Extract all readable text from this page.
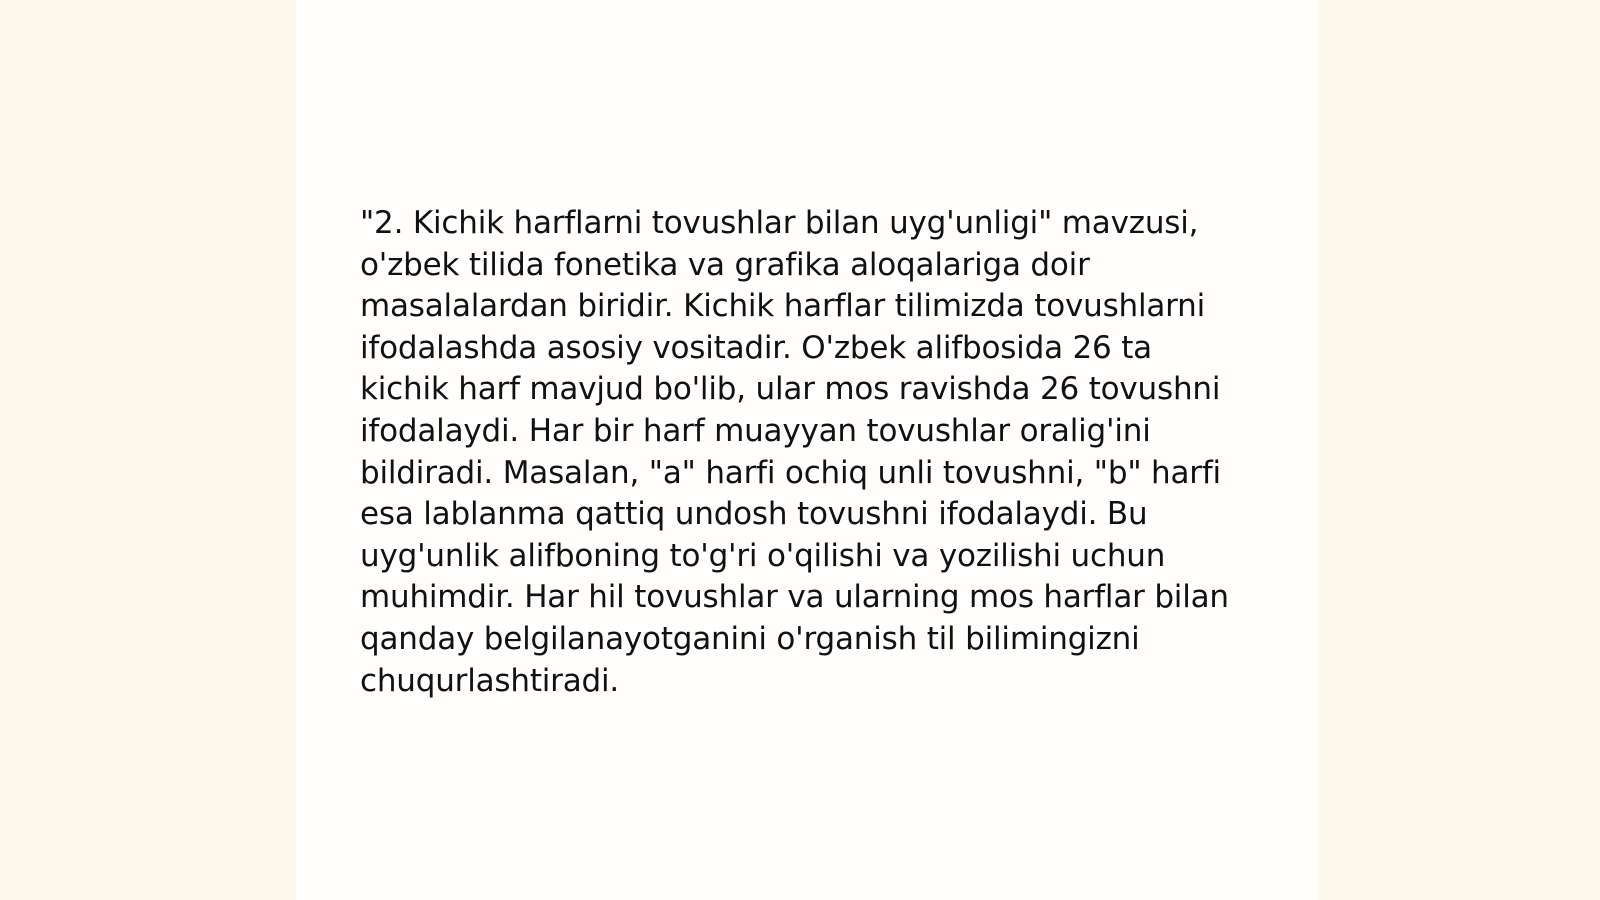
"2. Kichik harflarni tovushlar bilan uyg'unligi" mavzusi, o'zbek tilida fonetika va grafika aloqalariga doir masalalardan biridir. Kichik harflar tilimizda tovushlarni ifodalashda asosiy vositadir. O'zbek alifbosida 26 ta kichik harf mavjud bo'lib, ular mos ravishda 26 tovushni ifodalaydi. Har bir harf muayyan tovushlar oralig'ini bildiradi. Masalan, "a" harfi ochiq unli tovushni, "b" harfi esa lablanma qattiq undosh tovushni ifodalaydi. Bu uyg'unlik alifboning to'g'ri o'qilishi va yozilishi uchun muhimdir. Har hil tovushlar va ularning mos harflar bilan qanday belgilanayotganini o'rganish til bilimingizni chuqurlashtiradi.
